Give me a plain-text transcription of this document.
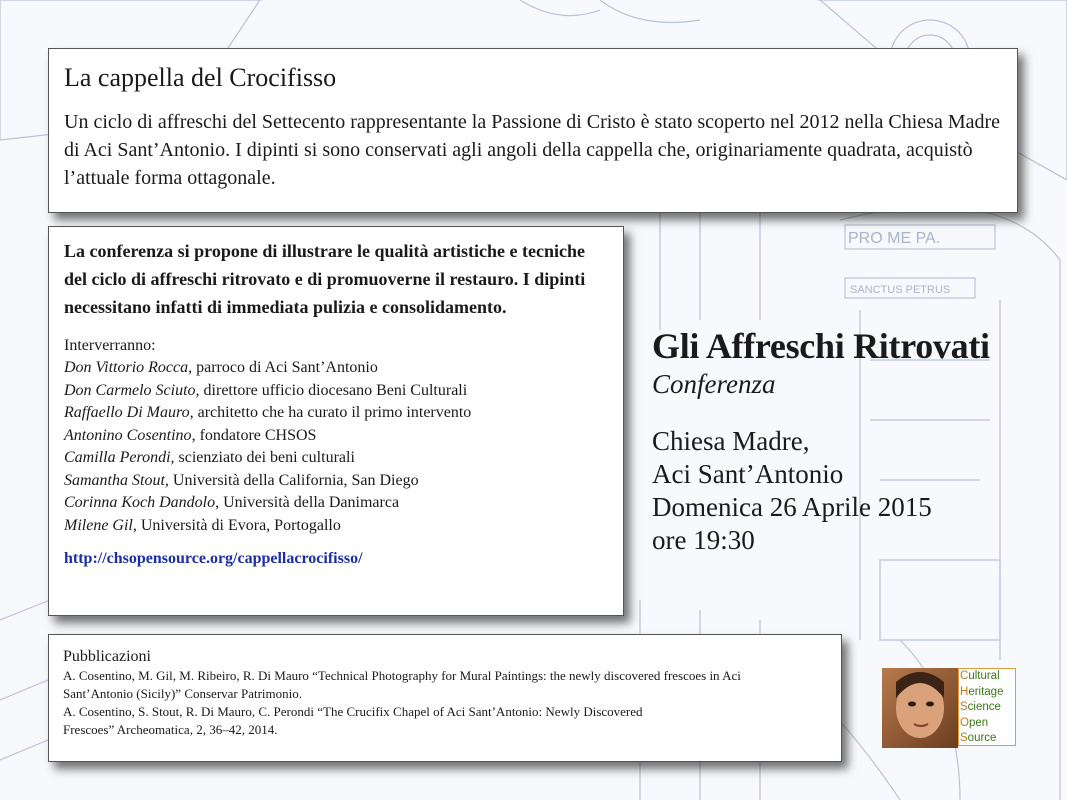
PRO ME PA.
SANCTUS PETRUS
La cappella del Crocifisso

Un ciclo di affreschi del Settecento rappresentante la Passione di Cristo è stato scoperto nel 2012 nella Chiesa Madre di Aci Sant’Antonio. I dipinti si sono conservati agli angoli della cappella che, originariamente quadrata, acquistò l’attuale forma ottagonale.

La conferenza si propone di illustrare le qualità artistiche e tecniche del ciclo di affreschi ritrovato e di promuoverne il restauro. I dipinti necessitano infatti di immediata pulizia e consolidamento.

Interverranno:
Don Vittorio Rocca, parroco di Aci Sant’Antonio
Don Carmelo Sciuto, direttore ufficio diocesano Beni Culturali
Raffaello Di Mauro, architetto che ha curato il primo intervento
Antonino Cosentino, fondatore CHSOS
Camilla Perondi, scienziato dei beni culturali
Samantha Stout, Università della California, San Diego
Corinna Koch Dandolo, Università della Danimarca
Milene Gil, Università di Evora, Portogallo
http://chsopensource.org/cappellacrocifisso/
Pubblicazioni
A. Cosentino, M. Gil, M. Ribeiro, R. Di Mauro “Technical Photography for Mural Paintings: the newly discovered frescoes in Aci
Sant’Antonio (Sicily)” Conservar Patrimonio.
A. Cosentino, S. Stout, R. Di Mauro, C. Perondi “The Crucifix Chapel of Aci Sant’Antonio: Newly Discovered
Frescoes” Archeomatica, 2, 36–42, 2014.
Gli Affreschi Ritrovati
Conferenza
Chiesa Madre,
Aci Sant’Antonio
Domenica 26 Aprile 2015
ore 19:30
Cultural
Heritage
Science
Open
Source
